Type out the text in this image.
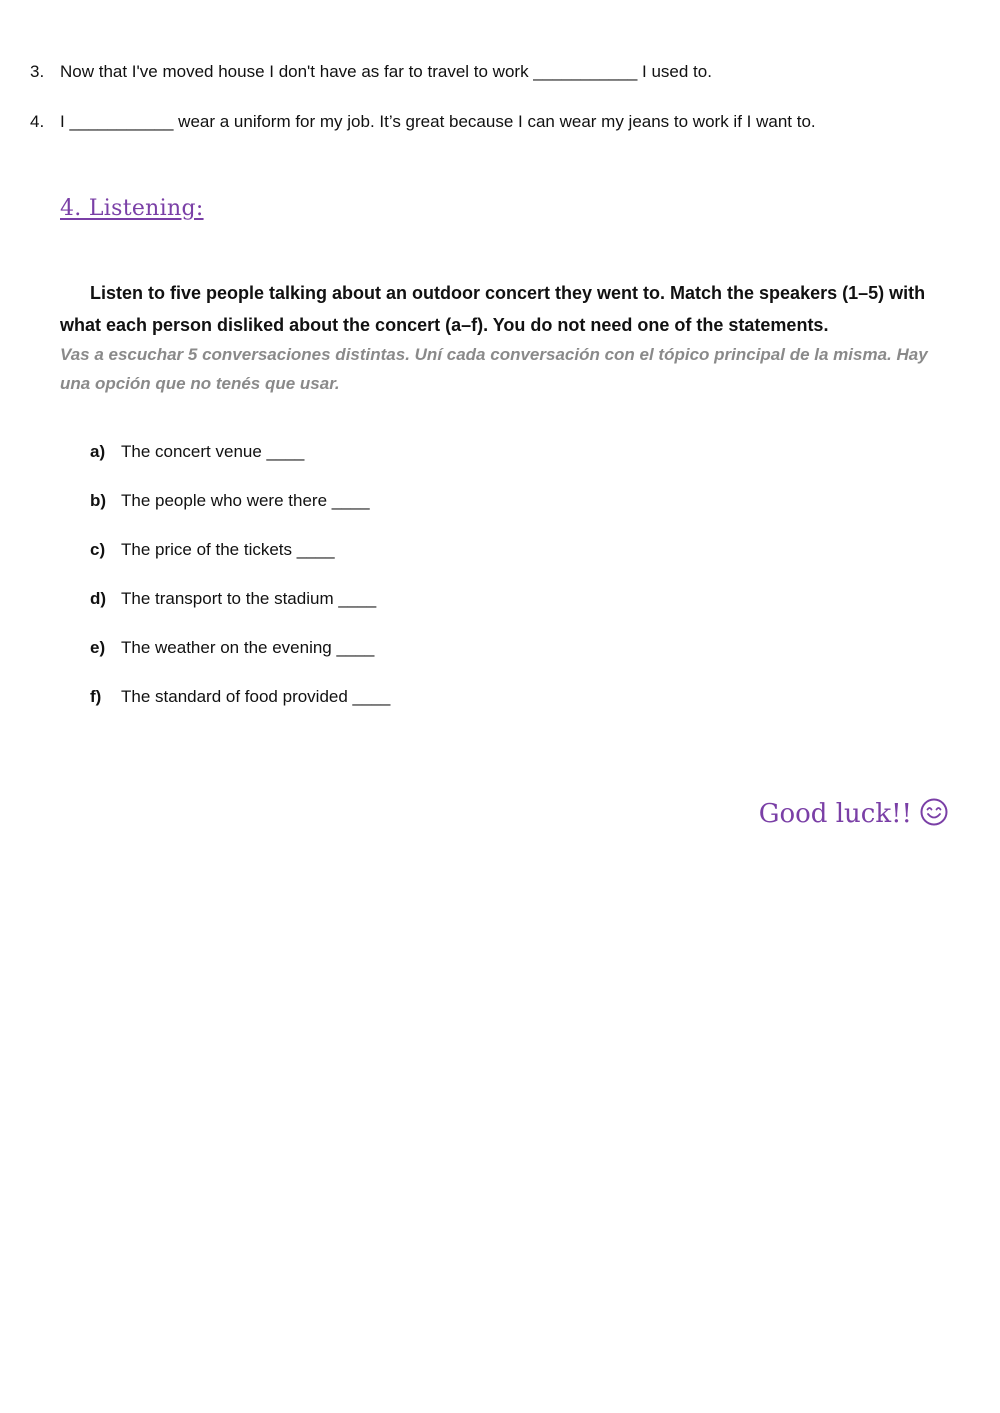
3. Now that I've moved house I don't have as far to travel to work ___________ I used to.
4. I ___________ wear a uniform for my job. It’s great because I can wear my jeans to work if I want to.
4. Listening:
Listen to five people talking about an outdoor concert they went to. Match the speakers (1–5) with what each person disliked about the concert (a–f). You do not need one of the statements.
Vas a escuchar 5 conversaciones distintas. Uní cada conversación con el tópico principal de la misma. Hay una opción que no tenés que usar.
a) The concert venue ____
b) The people who were there ____
c) The price of the tickets ____
d) The transport to the stadium ____
e) The weather on the evening ____
f) The standard of food provided ____
Good luck!!
